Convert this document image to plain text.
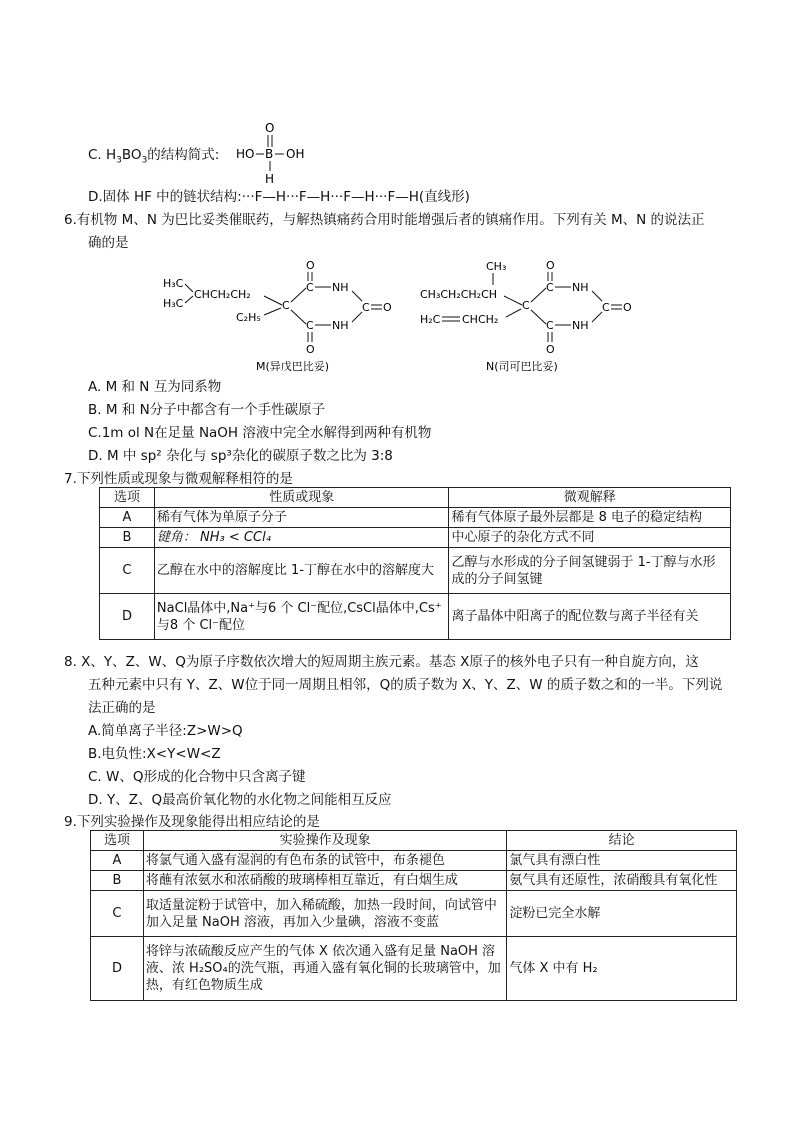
C. $H_3BO_3$的结构简式:
O
HO B OH
H
D.固体 HF 中的链状结构:···F—H···F—H···F—H···F—H(直线形)
6.有机物 M、N 为巴比妥类催眠药，与解热镇痛药合用时能增强后者的镇痛作用。下列有关 M、N 的说法正
确的是
H₃C
H₃C
CHCH₂CH₂
C
C₂H₅
C
C
O
O
NH
NH
C O
M(异戊巴比妥)
CH₃
CH₃CH₂CH₂CH
C
H₂C CHCH₂
C
C
O
O
NH
NH
C O
N(司可巴比妥)
A. M 和 N 互为同系物
B. M 和 N分子中都含有一个手性碳原子
C.1m ol N在足量 NaOH 溶液中完全水解得到两种有机物
D. M 中 sp² 杂化与 sp³杂化的碳原子数之比为 3:8
7.下列性质或现象与微观解释相符的是
选项	性质或现象	微观解释
A	稀有气体为单原子分子	稀有气体原子最外层都是 8 电子的稳定结构
B	键角： NH₃ < CCl₄	中心原子的杂化方式不同
C	乙醇在水中的溶解度比 1-丁醇在水中的溶解度大	乙醇与水形成的分子间氢键弱于 1-丁醇与水形成的分子间氢键
D	NaCl晶体中,Na⁺与6 个 Cl⁻配位,CsCl晶体中,Cs⁺与8 个 Cl⁻配位	离子晶体中阳离子的配位数与离子半径有关
8. X、Y、Z、W、Q为原子序数依次增大的短周期主族元素。基态 X原子的核外电子只有一种自旋方向，这
五种元素中只有 Y、Z、W位于同一周期且相邻，Q的质子数为 X、Y、Z、W 的质子数之和的一半。下列说
法正确的是
A.简单离子半径:Z>W>Q
B.电负性:X<Y<W<Z
C. W、Q形成的化合物中只含离子键
D. Y、Z、Q最高价氧化物的水化物之间能相互反应
9.下列实验操作及现象能得出相应结论的是
选项	实验操作及现象	结论
A	将氯气通入盛有湿润的有色布条的试管中，布条褪色	氯气具有漂白性
B	将蘸有浓氨水和浓硝酸的玻璃棒相互靠近，有白烟生成	氨气具有还原性，浓硝酸具有氧化性
C	取适量淀粉于试管中，加入稀硫酸，加热一段时间，向试管中加入足量 NaOH 溶液，再加入少量碘，溶液不变蓝	淀粉已完全水解
D	将锌与浓硫酸反应产生的气体 X 依次通入盛有足量 NaOH 溶液、浓 H₂SO₄的洗气瓶，再通入盛有氧化铜的长玻璃管中，加热，有红色物质生成	气体 X 中有 H₂
